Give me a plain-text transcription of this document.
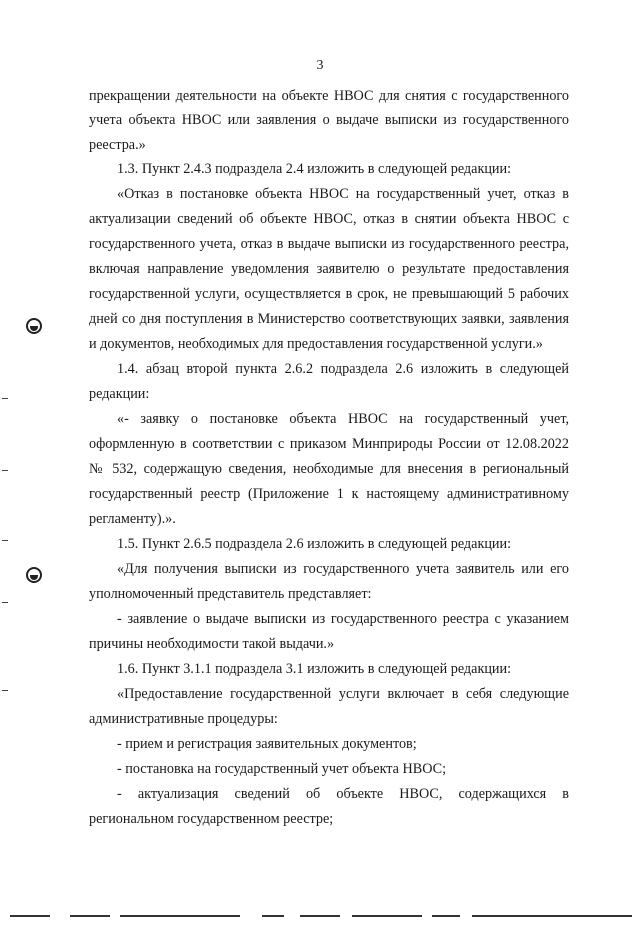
3
прекращении деятельности на объекте НВОС для снятия с государственного
учета объекта НВОС или заявления о выдаче выписки из государственного
реестра.»
1.3. Пункт 2.4.3 подраздела 2.4 изложить в следующей редакции:
«Отказ в постановке объекта НВОС на государственный учет, отказ в
актуализации сведений об объекте НВОС, отказ в снятии объекта НВОС с
государственного учета, отказ в выдаче выписки из государственного реестра,
включая направление уведомления заявителю о результате предоставления
государственной услуги, осуществляется в срок, не превышающий 5 рабочих
дней со дня поступления в Министерство соответствующих заявки, заявления
и документов, необходимых для предоставления государственной услуги.»
1.4. абзац второй пункта 2.6.2 подраздела 2.6 изложить в следующей
редакции:
«- заявку о постановке объекта НВОС на государственный учет,
оформленную в соответствии с приказом Минприроды России от 12.08.2022
№ 532, содержащую сведения, необходимые для внесения в региональный
государственный реестр (Приложение 1 к настоящему административному
регламенту).».
1.5. Пункт 2.6.5 подраздела 2.6 изложить в следующей редакции:
«Для получения выписки из государственного учета заявитель или его
уполномоченный представитель представляет:
- заявление о выдаче выписки из государственного реестра с указанием
причины необходимости такой выдачи.»
1.6. Пункт 3.1.1 подраздела 3.1 изложить в следующей редакции:
«Предоставление государственной услуги включает в себя следующие
административные процедуры:
- прием и регистрация заявительных документов;
- постановка на государственный учет объекта НВОС;
- актуализация сведений об объекте НВОС, содержащихся в
региональном государственном реестре;
